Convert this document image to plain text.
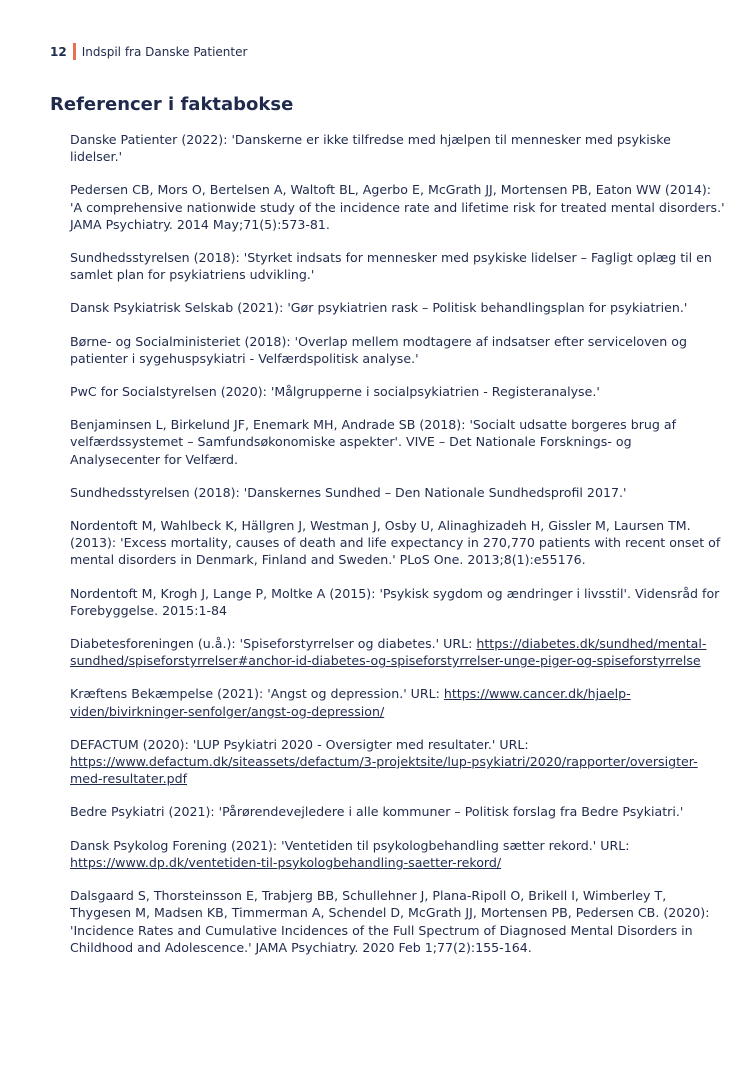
12 Indspil fra Danske Patienter
Referencer i faktabokse
Danske Patienter (2022): 'Danskerne er ikke tilfredse med hjælpen til mennesker med psykiske lidelser.'
Pedersen CB, Mors O, Bertelsen A, Waltoft BL, Agerbo E, McGrath JJ, Mortensen PB, Eaton WW (2014): 'A comprehensive nationwide study of the incidence rate and lifetime risk for treated mental disorders.' JAMA Psychiatry. 2014 May;71(5):573-81.
Sundhedsstyrelsen (2018): 'Styrket indsats for mennesker med psykiske lidelser – Fagligt oplæg til en samlet plan for psykiatriens udvikling.'
Dansk Psykiatrisk Selskab (2021): 'Gør psykiatrien rask – Politisk behandlingsplan for psykiatrien.'
Børne- og Socialministeriet (2018): 'Overlap mellem modtagere af indsatser efter serviceloven og patienter i sygehuspsykiatri - Velfærdspolitisk analyse.'
PwC for Socialstyrelsen (2020): 'Målgrupperne i socialpsykiatrien - Registeranalyse.'
Benjaminsen L, Birkelund JF, Enemark MH, Andrade SB (2018): 'Socialt udsatte borgeres brug af velfærdssystemet – Samfundsøkonomiske aspekter'. VIVE – Det Nationale Forsknings- og Analysecenter for Velfærd.
Sundhedsstyrelsen (2018): 'Danskernes Sundhed – Den Nationale Sundhedsprofil 2017.'
Nordentoft M, Wahlbeck K, Hällgren J, Westman J, Osby U, Alinaghizadeh H, Gissler M, Laursen TM. (2013): 'Excess mortality, causes of death and life expectancy in 270,770 patients with recent onset of mental disorders in Denmark, Finland and Sweden.' PLoS One. 2013;8(1):e55176.
Nordentoft M, Krogh J, Lange P, Moltke A (2015): 'Psykisk sygdom og ændringer i livsstil'. Vidensråd for Forebyggelse. 2015:1-84
Diabetesforeningen (u.å.): 'Spiseforstyrrelser og diabetes.' URL: https://diabetes.dk/sundhed/mental-sundhed/spiseforstyrrelser#anchor-id-diabetes-og-spiseforstyrrelser-unge-piger-og-spiseforstyrrelse
Kræftens Bekæmpelse (2021): 'Angst og depression.' URL: https://www.cancer.dk/hjaelp-viden/bivirkninger-senfolger/angst-og-depression/
DEFACTUM (2020): 'LUP Psykiatri 2020 - Oversigter med resultater.' URL: https://www.defactum.dk/siteassets/defactum/3-projektsite/lup-psykiatri/2020/rapporter/oversigter-med-resultater.pdf
Bedre Psykiatri (2021): 'Pårørendevejledere i alle kommuner – Politisk forslag fra Bedre Psykiatri.'
Dansk Psykolog Forening (2021): 'Ventetiden til psykologbehandling sætter rekord.' URL: https://www.dp.dk/ventetiden-til-psykologbehandling-saetter-rekord/
Dalsgaard S, Thorsteinsson E, Trabjerg BB, Schullehner J, Plana-Ripoll O, Brikell I, Wimberley T, Thygesen M, Madsen KB, Timmerman A, Schendel D, McGrath JJ, Mortensen PB, Pedersen CB. (2020): 'Incidence Rates and Cumulative Incidences of the Full Spectrum of Diagnosed Mental Disorders in Childhood and Adolescence.' JAMA Psychiatry. 2020 Feb 1;77(2):155-164.
